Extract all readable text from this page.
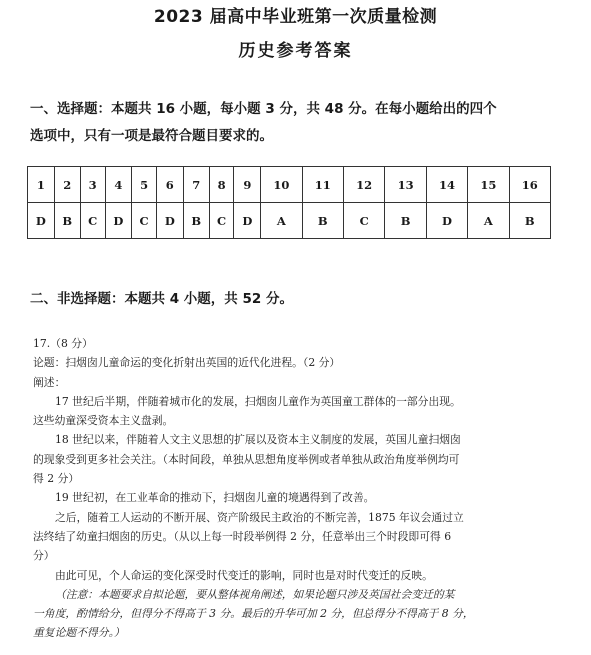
2023 届高中毕业班第一次质量检测
历史参考答案
一、选择题：本题共 16 小题，每小题 3 分，共 48 分。在每小题给出的四个
选项中，只有一项是最符合题目要求的。
1	2	3	4	5	6	7	8	9	10	11	12	13	14	15	16
D	B	C	D	C	D	B	C	D	A	B	C	B	D	A	B
二、非选择题：本题共 4 小题，共 52 分。
17.（8 分）
论题：扫烟囱儿童命运的变化折射出英国的近代化进程。（2 分）
阐述：
17 世纪后半期，伴随着城市化的发展，扫烟囱儿童作为英国童工群体的一部分出现。
这些幼童深受资本主义盘剥。
18 世纪以来，伴随着人文主义思想的扩展以及资本主义制度的发展，英国儿童扫烟囱
的现象受到更多社会关注。（本时间段，单独从思想角度举例或者单独从政治角度举例均可
得 2 分）
19 世纪初，在工业革命的推动下，扫烟囱儿童的境遇得到了改善。
之后，随着工人运动的不断开展、资产阶级民主政治的不断完善，1875 年议会通过立
法终结了幼童扫烟囱的历史。（从以上每一时段举例得 2 分，任意举出三个时段即可得 6
分）
由此可见，个人命运的变化深受时代变迁的影响，同时也是对时代变迁的反映。
（注意：本题要求自拟论题，要从整体视角阐述，如果论题只涉及英国社会变迁的某
一角度，酌情给分，但得分不得高于 3 分。最后的升华可加 2 分，但总得分不得高于 8 分，
重复论题不得分。）
